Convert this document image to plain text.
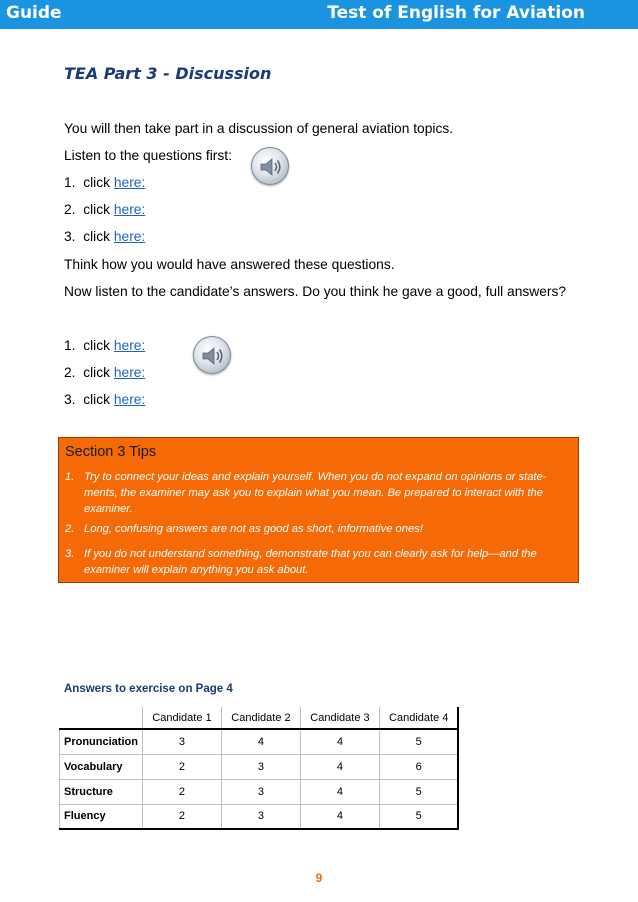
Guide	Test of English for Aviation
TEA Part 3 - Discussion
You will then take part in a discussion of general aviation topics.
Listen to the questions first:
1. click here:
2. click here:
3. click here:
Think how you would have answered these questions.
Now listen to the candidate’s answers. Do you think he gave a good, full answers?
1. click here:
2. click here:
3. click here:
Section 3 Tips
1. Try to connect your ideas and explain yourself. When you do not expand on opinions or state-ments, the examiner may ask you to explain what you mean. Be prepared to interact with the examiner.
2. Long, confusing answers are not as good as short, informative ones!
3. If you do not understand something, demonstrate that you can clearly ask for help—and the examiner will explain anything you ask about.
Answers to exercise on Page 4
	Candidate 1	Candidate 2	Candidate 3	Candidate 4
Pronunciation	3	4	4	5
Vocabulary	2	3	4	6
Structure	2	3	4	5
Fluency	2	3	4	5
9
